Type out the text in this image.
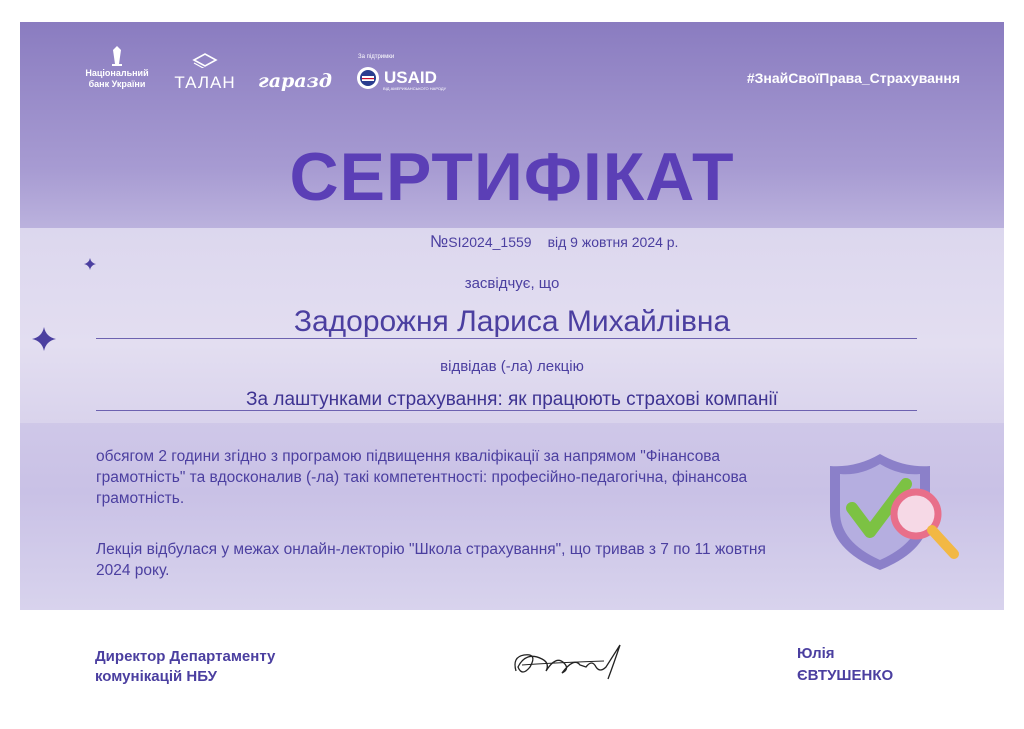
Національний банк України	ТАЛАН гаразд
За підтримки
USAID
ВІД АМЕРИКАНСЬКОГО НАРОДУ
#ЗнайСвоїПрава_Страхування
СЕРТИФІКАТ
№SI2024_1559 від 9 жовтня 2024 р.
засвідчує, що
Задорожня Лариса Михайлівна
відвідав (-ла) лекцію
За лаштунками страхування: як працюють страхові компанії
обсягом 2 години згідно з програмою підвищення кваліфікації за напрямом "Фінансова грамотність" та вдосконалив (-ла) такі компетентності: професійно-педагогічна, фінансова грамотність.
Лекція відбулася у межах онлайн-лекторію "Школа страхування", що тривав з 7 по 11 жовтня 2024 року.
Директор Департаменту
комунікацій НБУ
Юлія
ЄВТУШЕНКО
